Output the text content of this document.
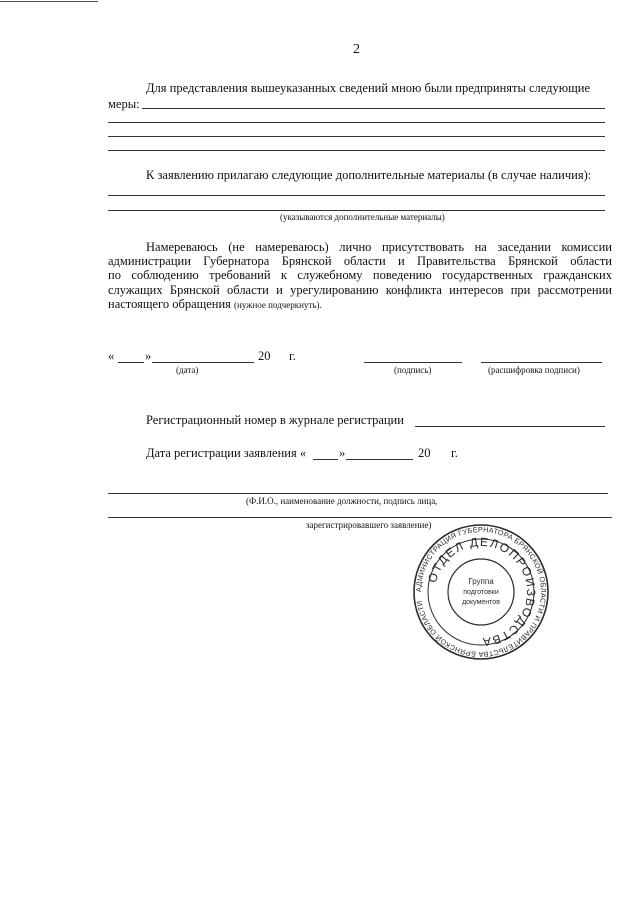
2
Для представления вышеуказанных сведений мною были предприняты следующие
меры:
К заявлению прилагаю следующие дополнительные материалы (в случае наличия):
(указываются дополнительные материалы)
Намереваюсь (не намереваюсь) лично присутствовать на заседании комиссии
администрации Губернатора Брянской области и Правительства Брянской области
по соблюдению требований к служебному поведению государственных гражданских
служащих Брянской области и урегулированию конфликта интересов при рассмотрении
настоящего обращения (нужное подчеркнуть).
« »	20 г.
(дата)	(подпись)	(расшифровка подписи)
Регистрационный номер в журнале регистрации
Дата регистрации заявления «	»	20 г.
(Ф.И.О., наименование должности, подпись лица,
зарегистрировавшего заявление)
АДМИНИСТРАЦИЯ ГУБЕРНАТОРА БРЯНСКОЙ ОБЛАСТИ И ПРАВИТЕЛЬСТВА БРЯНСКОЙ ОБЛАСТИ
ОТДЕЛ ДЕЛОПРОИЗВОДСТВА
Группа
подготовки
документов
